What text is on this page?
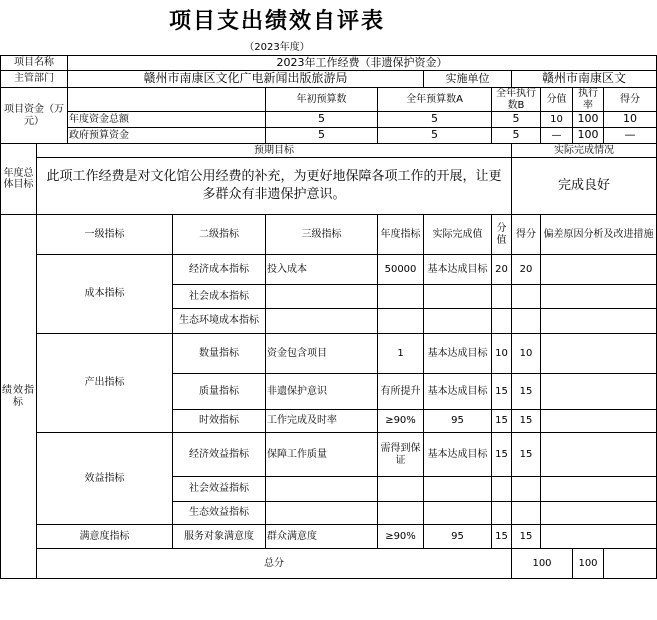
项目支出绩效自评表
（2023年度）
项目名称		2023年工作经费（非遗保护资金）									
主管部门		赣州市南康区文化广电新闻出版旅游局				实施单位		赣州市南康区文			
项目资金（万元）				年初预算数	全年预算数A		全年执行数B		分值	执行率	得分
		年度资金总额		5	5		5		10	100	10
		政府预算资金		5	5		5		—	100	—
年度总体目标	预期目标							实际完成情况			
	此项工作经费是对文化馆公用经费的补充，为更好地保障各项工作的开展，让更多群众有非遗保护意识。							完成良好			
绩效指标	一级指标		二级指标	三级指标	年度指标	实际完成值	分值	得分	偏差原因分析及改进措施		
	成本指标		经济成本指标	投入成本	50000	基本达成目标	20	20			
			社会成本指标								
			生态环境成本指标								
	产出指标		数量指标	资金包含项目	1	基本达成目标	10	10			
			质量指标	非遗保护意识	有所提升	基本达成目标	15	15			
			时效指标	工作完成及时率	≥90%	95	15	15			
	效益指标		经济效益指标	保障工作质量	需得到保证	基本达成目标	15	15			
			社会效益指标								
			生态效益指标								
	满意度指标		服务对象满意度	群众满意度	≥90%	95	15	15			
	总分							100		100	
